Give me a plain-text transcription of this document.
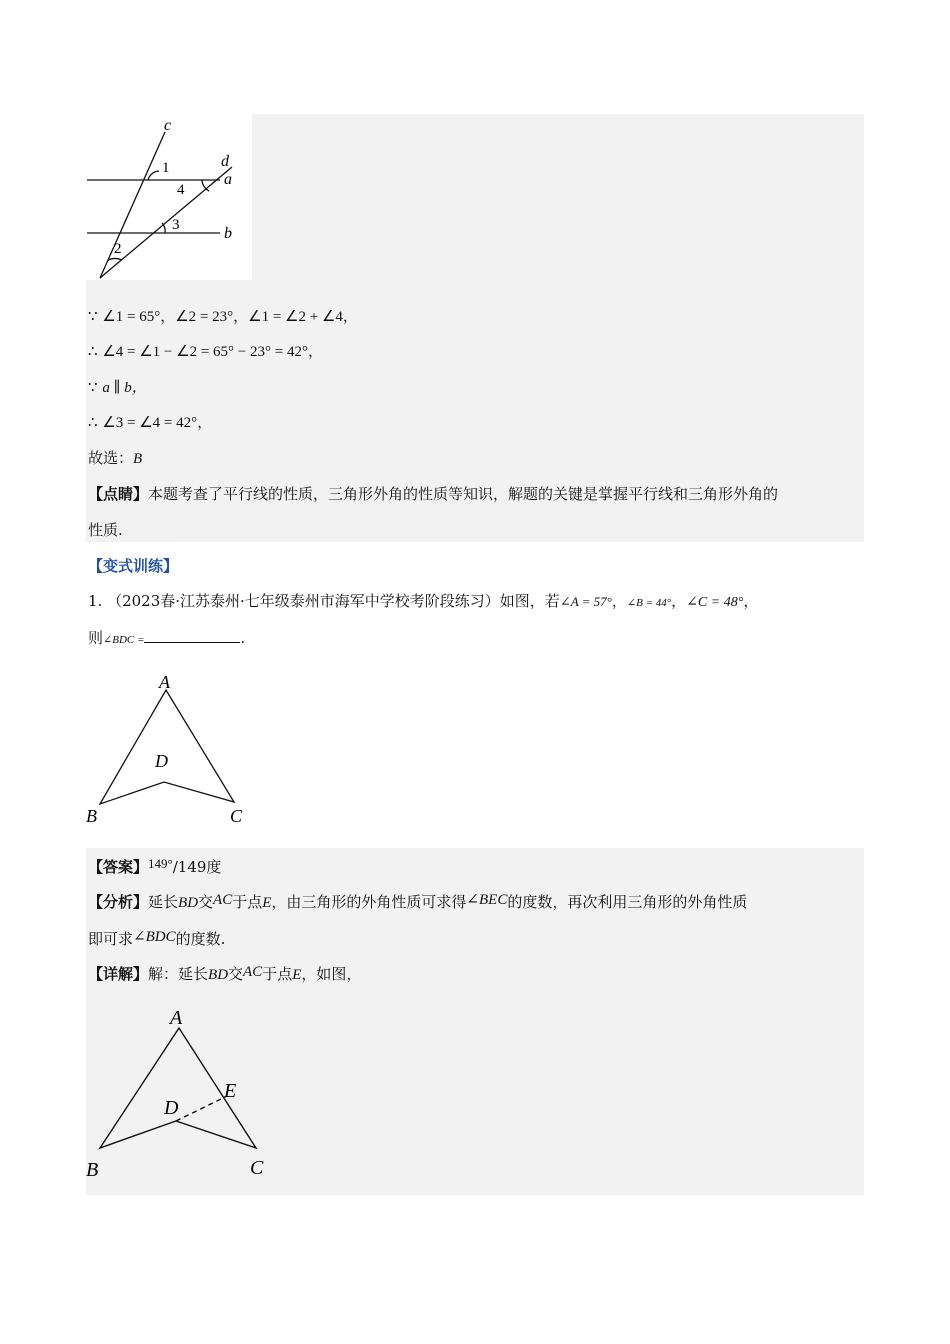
c
d
a
b
1
4
3
2
∵ ∠1 = 65°，∠2 = 23°，∠1 = ∠2 + ∠4，
∴ ∠4 = ∠1 − ∠2 = 65° − 23° = 42°，
∵ a ∥ b，
∴ ∠3 = ∠4 = 42°，
故选：B
【点睛】本题考查了平行线的性质，三角形外角的性质等知识，解题的关键是掌握平行线和三角形外角的
性质.
【变式训练】
1. （2023春·江苏泰州·七年级泰州市海军中学校考阶段练习）如图，若∠A = 57°，∠B = 44°，∠C = 48°，
则∠BDC =	.
A
D
B	C
【答案】149°/149度
【分析】延长BD交AC于点E，由三角形的外角性质可求得∠BEC的度数，再次利用三角形的外角性质
即可求∠BDC的度数.
【详解】解：延长BD交AC于点E，如图，
A
D
E
B	C
